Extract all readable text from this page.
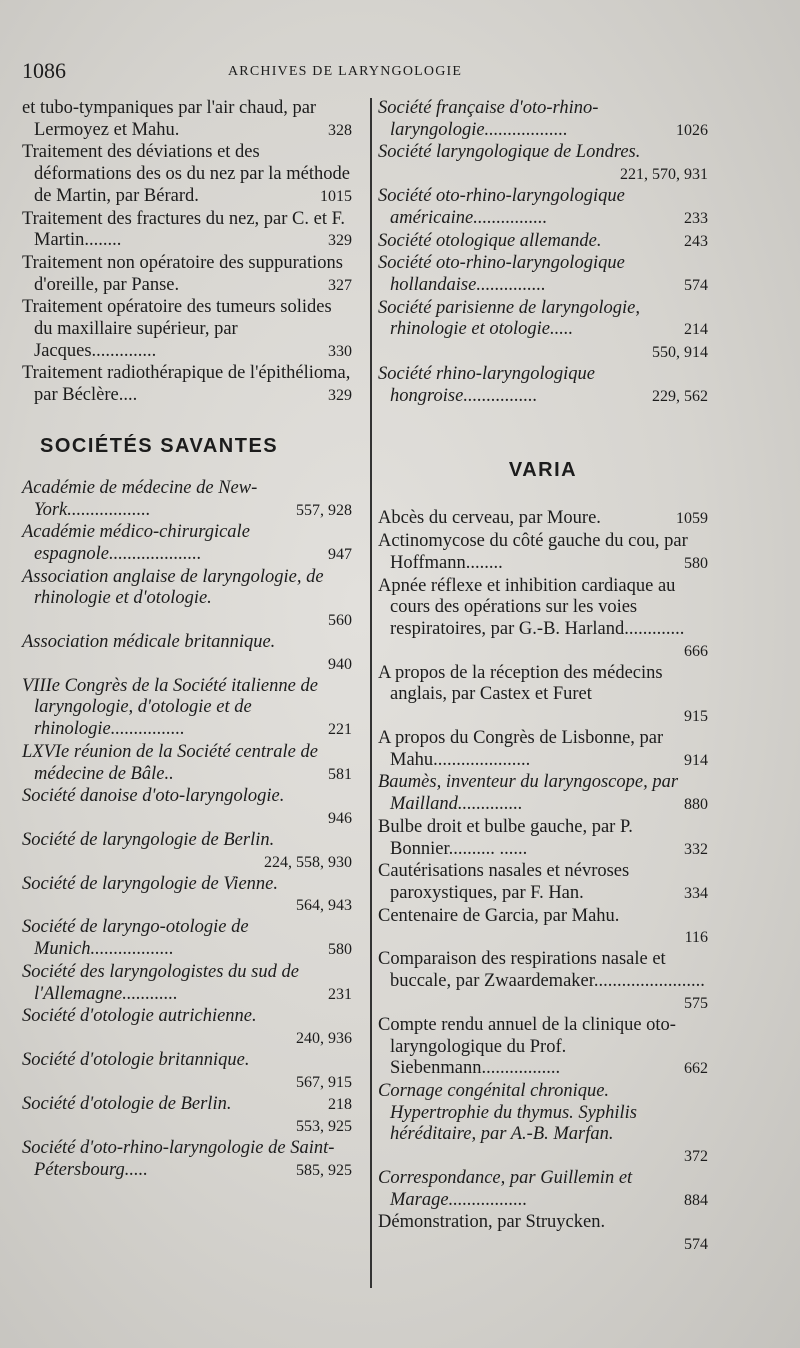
1086	ARCHIVES DE LARYNGOLOGIE
et tubo-tympaniques par l'air chaud, par Lermoyez et Mahu.	328
Traitement des déviations et des déformations des os du nez par la méthode de Martin, par Bérard.	1015
Traitement des fractures du nez, par C. et F. Martin........	329
Traitement non opératoire des suppurations d'oreille, par Panse.	327
Traitement opératoire des tumeurs solides du maxillaire supérieur, par Jacques..............	330
Traitement radiothérapique de l'épithélioma, par Béclère....	329
SOCIÉTÉS SAVANTES
Académie de médecine de New-York..................	557, 928
Académie médico-chirurgicale espagnole....................	947
Association anglaise de laryngologie, de rhinologie et d'otologie.
560
Association médicale britannique.
940
VIIIe Congrès de la Société italienne de laryngologie, d'otologie et de rhinologie................	221
LXVIe réunion de la Société centrale de médecine de Bâle..	581
Société danoise d'oto-laryngologie.
946
Société de laryngologie de Berlin.
224, 558, 930
Société de laryngologie de Vienne.
564, 943
Société de laryngo-otologie de Munich..................	580
Société des laryngologistes du sud de l'Allemagne............	231
Société d'otologie autrichienne.
240, 936
Société d'otologie britannique.
567, 915
Société d'otologie de Berlin.	218
553, 925
Société d'oto-rhino-laryngologie de Saint-Pétersbourg.....	585, 925
Société française d'oto-rhino-laryngologie..................	1026
Société laryngologique de Londres.
221, 570, 931
Société oto-rhino-laryngologique américaine................	233
Société otologique allemande.	243
Société oto-rhino-laryngologique hollandaise...............	574
Société parisienne de laryngologie, rhinologie et otologie.....	214
550, 914
Société rhino-laryngologique hongroise................	229, 562
VARIA
Abcès du cerveau, par Moure.	1059
Actinomycose du côté gauche du cou, par Hoffmann........	580
Apnée réflexe et inhibition cardiaque au cours des opérations sur les voies respiratoires, par G.-B. Harland.............
666
A propos de la réception des médecins anglais, par Castex et Furet
915
A propos du Congrès de Lisbonne, par Mahu.....................	914
Baumès, inventeur du laryngoscope, par Mailland..............	880
Bulbe droit et bulbe gauche, par P. Bonnier.......... ......	332
Cautérisations nasales et névroses paroxystiques, par F. Han.	334
Centenaire de Garcia, par Mahu.
116
Comparaison des respirations nasale et buccale, par Zwaardemaker........................
575
Compte rendu annuel de la clinique oto-laryngologique du Prof. Siebenmann.................	662
Cornage congénital chronique. Hypertrophie du thymus. Syphilis héréditaire, par A.-B. Marfan.
372
Correspondance, par Guillemin et Marage.................	884
Démonstration, par Struycken.
574
